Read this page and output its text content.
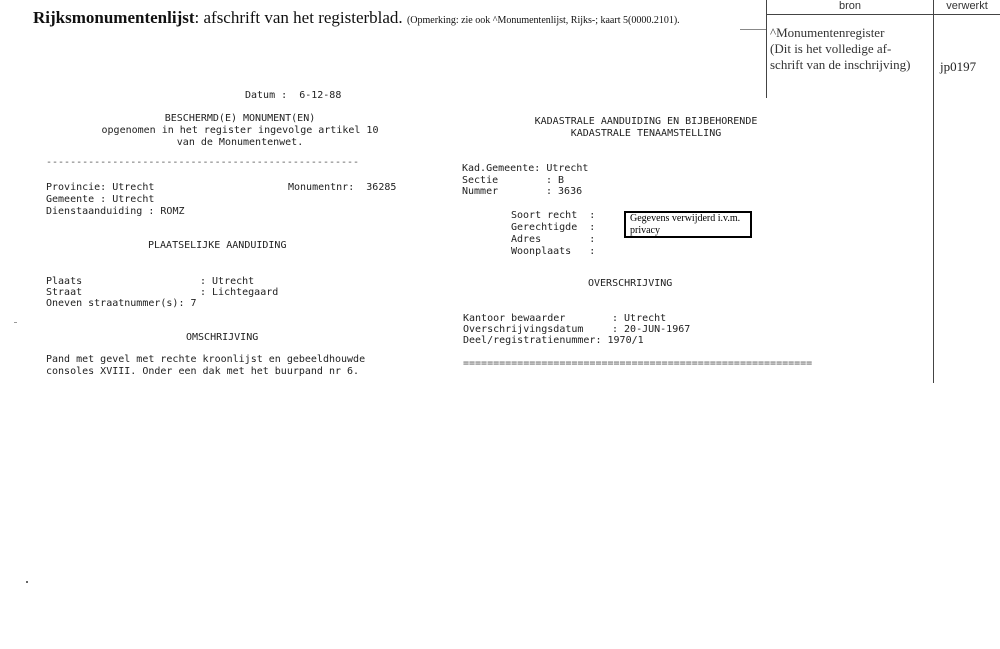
Rijksmonumentenlijst: afschrift van het registerblad. (Opmerking: zie ook ^Monumentenlijst, Rijks-; kaart 5(0000.2101).
bron	verwerkt
^Monumentenregister
(Dit is het volledige af-
schrift van de inschrijving) jp0197
Datum : 6-12-88
BESCHERMD(E) MONUMENT(EN)
opgenomen in het register ingevolge artikel 10
van de Monumentenwet.
----------------------------------------------------
Provincie: Utrecht	Monumentnr: 36285
Gemeente : Utrecht
Dienstaanduiding : ROMZ
PLAATSELIJKE AANDUIDING
Plaats	: Utrecht
Straat	: Lichtegaard
Oneven straatnummer(s): 7
OMSCHRIJVING
Pand met gevel met rechte kroonlijst en gebeeldhouwde
consoles XVIII. Onder een dak met het buurpand nr 6.
KADASTRALE AANDUIDING EN BIJBEHORENDE
KADASTRALE TENAAMSTELLING
Kad.Gemeente: Utrecht
Sectie	: B
Nummer	: 3636
Soort recht  :
Gerechtigde  :
Adres        :
Woonplaats   :
Gegevens verwijderd i.v.m.
privacy
OVERSCHRIJVING
Kantoor bewaarder	: Utrecht
Overschrijvingsdatum	: 20-JUN-1967
Deel/registratienummer: 1970/1
==========================================================
